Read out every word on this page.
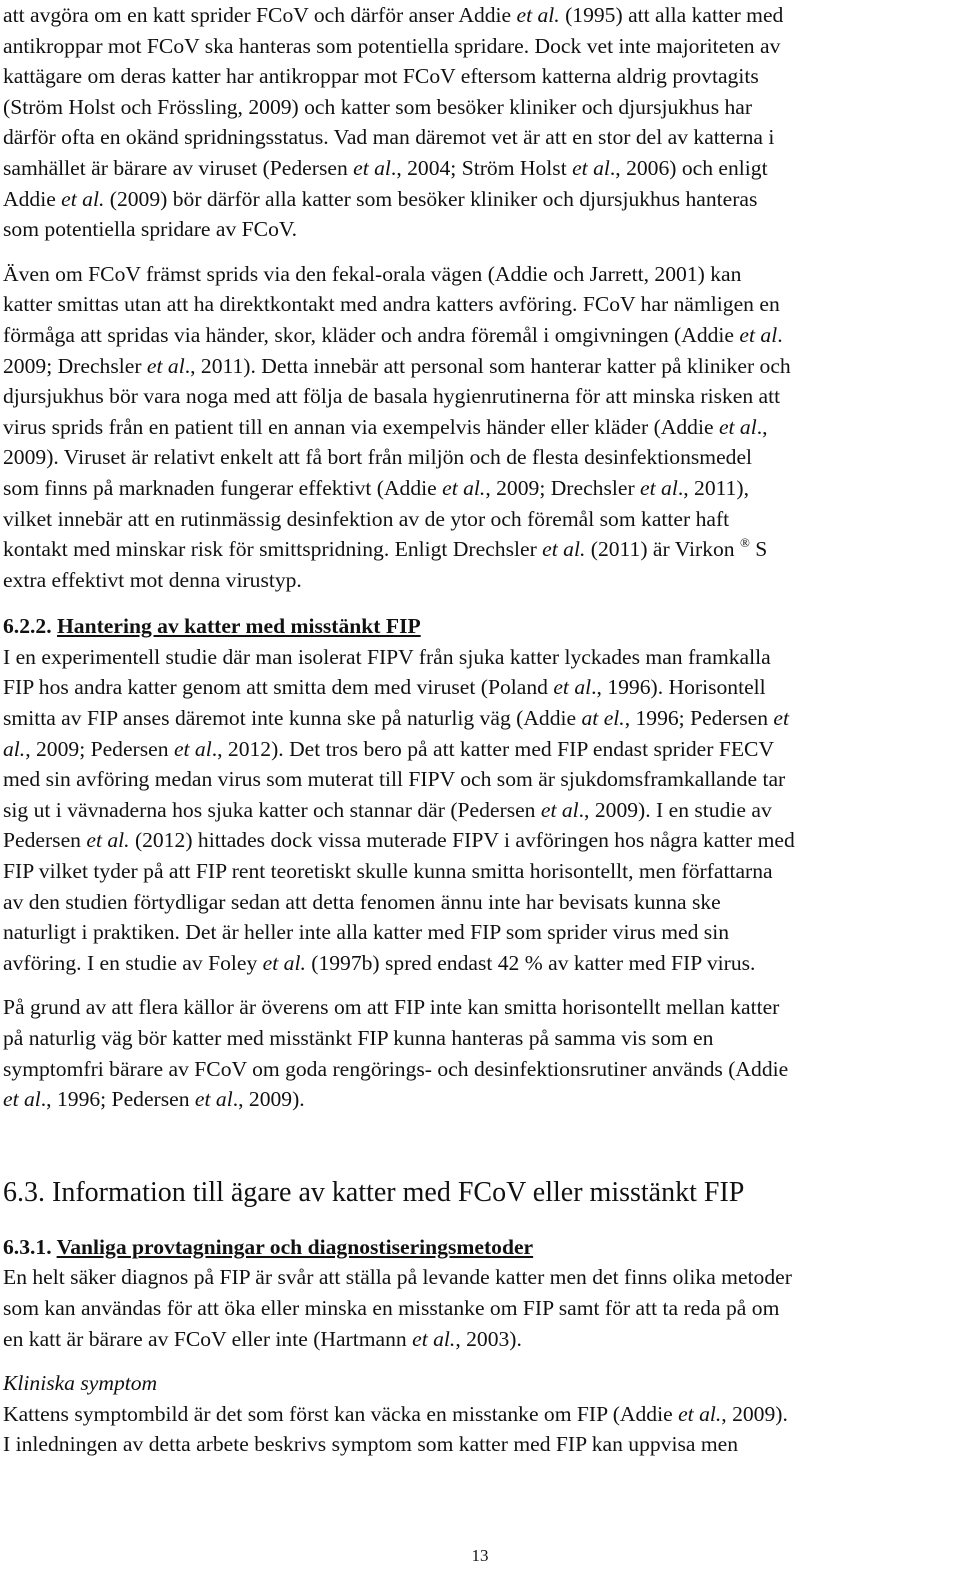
att avgöra om en katt sprider FCoV och därför anser Addie et al. (1995) att alla katter med
antikroppar mot FCoV ska hanteras som potentiella spridare. Dock vet inte majoriteten av
kattägare om deras katter har antikroppar mot FCoV eftersom katterna aldrig provtagits
(Ström Holst och Frössling, 2009) och katter som besöker kliniker och djursjukhus har
därför ofta en okänd spridningsstatus. Vad man däremot vet är att en stor del av katterna i
samhället är bärare av viruset (Pedersen et al., 2004; Ström Holst et al., 2006) och enligt
Addie et al. (2009) bör därför alla katter som besöker kliniker och djursjukhus hanteras
som potentiella spridare av FCoV.
Även om FCoV främst sprids via den fekal-orala vägen (Addie och Jarrett, 2001) kan
katter smittas utan att ha direktkontakt med andra katters avföring. FCoV har nämligen en
förmåga att spridas via händer, skor, kläder och andra föremål i omgivningen (Addie et al.
2009; Drechsler et al., 2011). Detta innebär att personal som hanterar katter på kliniker och
djursjukhus bör vara noga med att följa de basala hygienrutinerna för att minska risken att
virus sprids från en patient till en annan via exempelvis händer eller kläder (Addie et al.,
2009). Viruset är relativt enkelt att få bort från miljön och de flesta desinfektionsmedel
som finns på marknaden fungerar effektivt (Addie et al., 2009; Drechsler et al., 2011),
vilket innebär att en rutinmässig desinfektion av de ytor och föremål som katter haft
kontakt med minskar risk för smittspridning. Enligt Drechsler et al. (2011) är Virkon ® S
extra effektivt mot denna virustyp.
6.2.2. Hantering av katter med misstänkt FIP
I en experimentell studie där man isolerat FIPV från sjuka katter lyckades man framkalla
FIP hos andra katter genom att smitta dem med viruset (Poland et al., 1996). Horisontell
smitta av FIP anses däremot inte kunna ske på naturlig väg (Addie at el., 1996; Pedersen et
al., 2009; Pedersen et al., 2012). Det tros bero på att katter med FIP endast sprider FECV
med sin avföring medan virus som muterat till FIPV och som är sjukdomsframkallande tar
sig ut i vävnaderna hos sjuka katter och stannar där (Pedersen et al., 2009). I en studie av
Pedersen et al. (2012) hittades dock vissa muterade FIPV i avföringen hos några katter med
FIP vilket tyder på att FIP rent teoretiskt skulle kunna smitta horisontellt, men författarna
av den studien förtydligar sedan att detta fenomen ännu inte har bevisats kunna ske
naturligt i praktiken. Det är heller inte alla katter med FIP som sprider virus med sin
avföring. I en studie av Foley et al. (1997b) spred endast 42 % av katter med FIP virus.
På grund av att flera källor är överens om att FIP inte kan smitta horisontellt mellan katter
på naturlig väg bör katter med misstänkt FIP kunna hanteras på samma vis som en
symptomfri bärare av FCoV om goda rengörings- och desinfektionsrutiner används (Addie
et al., 1996; Pedersen et al., 2009).
6.3. Information till ägare av katter med FCoV eller misstänkt FIP
6.3.1. Vanliga provtagningar och diagnostiseringsmetoder
En helt säker diagnos på FIP är svår att ställa på levande katter men det finns olika metoder
som kan användas för att öka eller minska en misstanke om FIP samt för att ta reda på om
en katt är bärare av FCoV eller inte (Hartmann et al., 2003).
Kliniska symptom
Kattens symptombild är det som först kan väcka en misstanke om FIP (Addie et al., 2009).
I inledningen av detta arbete beskrivs symptom som katter med FIP kan uppvisa men
13
